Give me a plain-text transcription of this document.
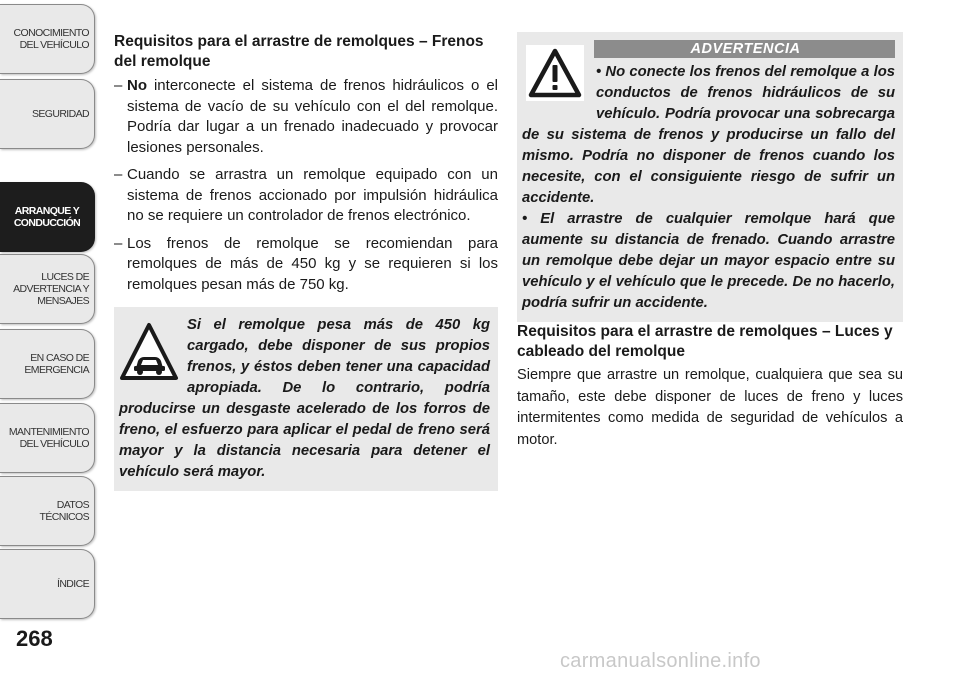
CONOCIMIENTO
DEL VEHÍCULO
SEGURIDAD
ARRANQUE Y
CONDUCCIÓN
LUCES DE
ADVERTENCIA Y
MENSAJES
EN CASO DE
EMERGENCIA
MANTENIMIENTO
DEL VEHÍCULO
DATOS
TÉCNICOS
ÍNDICE
268
Requisitos para el arrastre de remolques – Frenos del remolque
– No interconecte el sistema de frenos hidráulicos o el sistema de vacío de su vehículo con el del remolque. Podría dar lugar a un frenado inadecuado y provocar lesiones personales.
– Cuando se arrastra un remolque equipado con un sistema de frenos accionado por impulsión hidráulica no se requiere un controlador de frenos electrónico.
– Los frenos de remolque se recomiendan para remolques de más de 450 kg y se requieren si los remolques pesan más de 750 kg.
Si el remolque pesa más de 450 kg cargado, debe disponer de sus propios frenos, y éstos deben tener una capacidad apropiada. De lo contrario, podría producirse un desgaste acelerado de los forros de freno, el esfuerzo para aplicar el pedal de freno será mayor y la distancia necesaria para detener el vehículo será mayor.
ADVERTENCIA

• No conecte los frenos del remolque a los conductos de frenos hidráulicos de su vehículo. Podría provocar una sobrecarga de su sistema de frenos y producirse un fallo del mismo. Podría no disponer de frenos cuando los necesite, con el consiguiente riesgo de sufrir un accidente.

• El arrastre de cualquier remolque hará que aumente su distancia de frenado. Cuando arrastre un remolque debe dejar un mayor espacio entre su vehículo y el vehículo que le precede. De no hacerlo, podría sufrir un accidente.

Requisitos para el arrastre de remolques – Luces y cableado del remolque

Siempre que arrastre un remolque, cualquiera que sea su tamaño, este debe disponer de luces de freno y luces intermitentes como medida de seguridad de vehículos a motor.

carmanualsonline.info
